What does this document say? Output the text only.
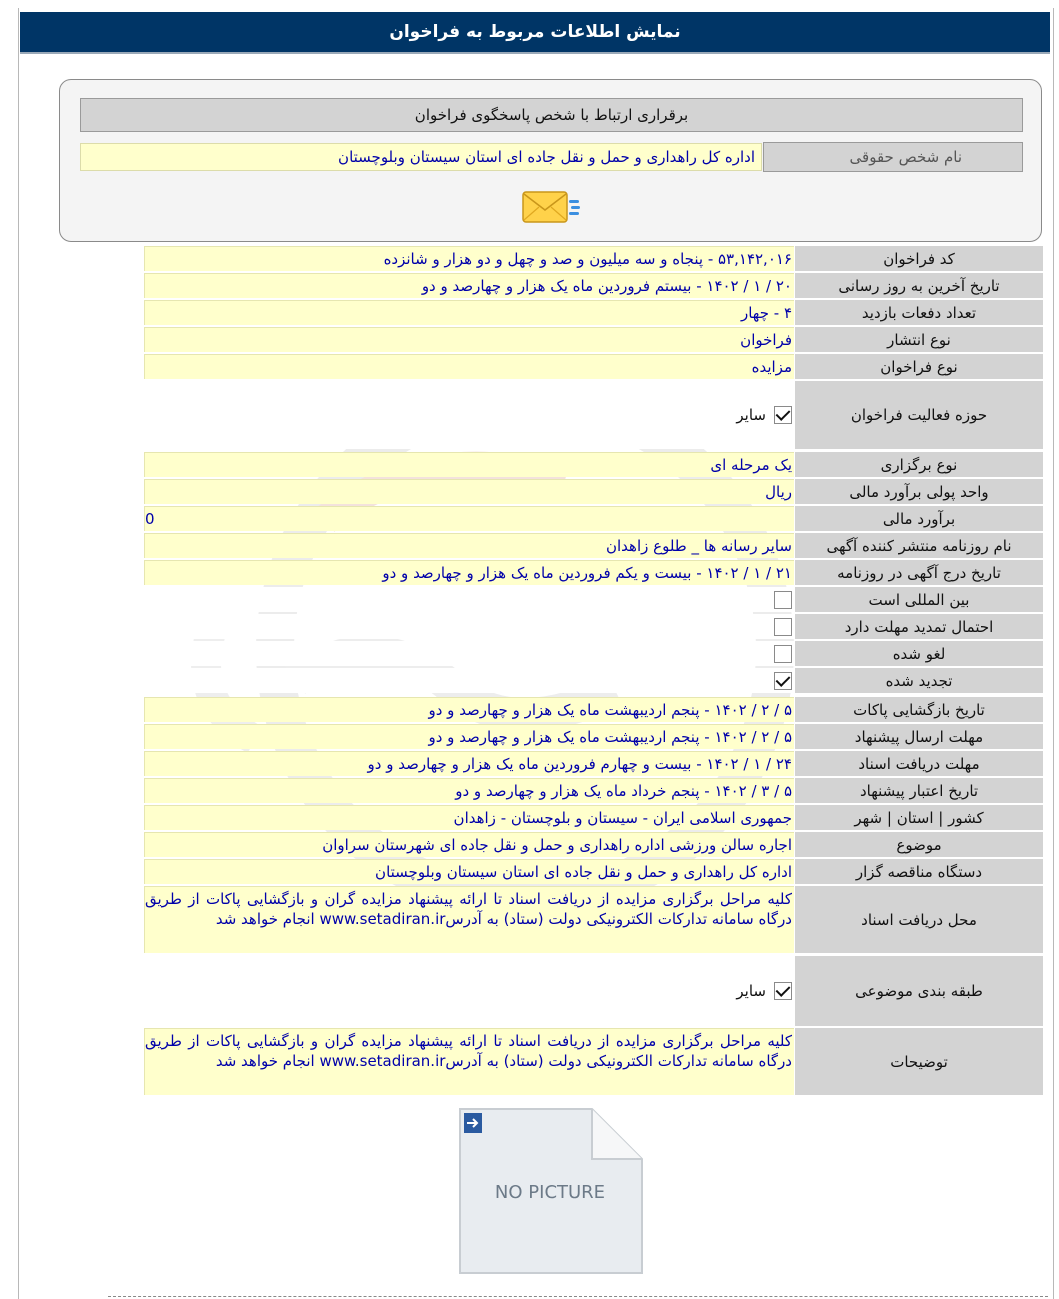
نمایش اطلاعات مربوط به فراخوان
برقراری ارتباط با شخص پاسخگوی فراخوان
نام شخص حقوقی
اداره کل راهداری و حمل و نقل جاده ای استان سیستان وبلوچستان
کد فراخوان
۵۳,۱۴۲,۰۱۶ - پنجاه و سه میلیون و صد و چهل و دو هزار و شانزده
تاریخ آخرین به روز رسانی
۲۰ / ۱ / ۱۴۰۲ - بیستم فروردین ماه یک هزار و چهارصد و دو
تعداد دفعات بازدید
۴ - چهار
نوع انتشار
فراخوان
نوع فراخوان
مزایده
حوزه فعالیت فراخوان
سایر
نوع برگزاری
یک مرحله ای
واحد پولی برآورد مالی
ریال
برآورد مالی
0
نام روزنامه منتشر کننده آگهی
سایر رسانه ها _ طلوع زاهدان
تاریخ درج آگهی در روزنامه
۲۱ / ۱ / ۱۴۰۲ - بیست و یکم فروردین ماه یک هزار و چهارصد و دو
بین المللی است
احتمال تمدید مهلت دارد
لغو شده
تجدید شده
تاریخ بازگشایی پاکات
۵ / ۲ / ۱۴۰۲ - پنجم اردیبهشت ماه یک هزار و چهارصد و دو
مهلت ارسال پیشنهاد
۵ / ۲ / ۱۴۰۲ - پنجم اردیبهشت ماه یک هزار و چهارصد و دو
مهلت دریافت اسناد
۲۴ / ۱ / ۱۴۰۲ - بیست و چهارم فروردین ماه یک هزار و چهارصد و دو
تاریخ اعتبار پیشنهاد
۵ / ۳ / ۱۴۰۲ - پنجم خرداد ماه یک هزار و چهارصد و دو
کشور | استان | شهر
جمهوری اسلامی ایران - سیستان و بلوچستان - زاهدان
موضوع
اجاره سالن ورزشی اداره راهداری و حمل و نقل جاده ای شهرستان سراوان
دستگاه مناقصه گزار
اداره کل راهداری و حمل و نقل جاده ای استان سیستان وبلوچستان
محل دریافت اسناد
کلیه مراحل برگزاری مزایده از دریافت اسناد تا ارائه پیشنهاد مزایده گران و بازگشایی پاکات از طریق درگاه سامانه تدارکات الکترونیکی دولت (ستاد) به آدرسwww.setadiran.ir انجام خواهد شد
طبقه بندی موضوعی
سایر
توضیحات
کلیه مراحل برگزاری مزایده از دریافت اسناد تا ارائه پیشنهاد مزایده گران و بازگشایی پاکات از طریق درگاه سامانه تدارکات الکترونیکی دولت (ستاد) به آدرسwww.setadiran.ir انجام خواهد شد
NO PICTURE
